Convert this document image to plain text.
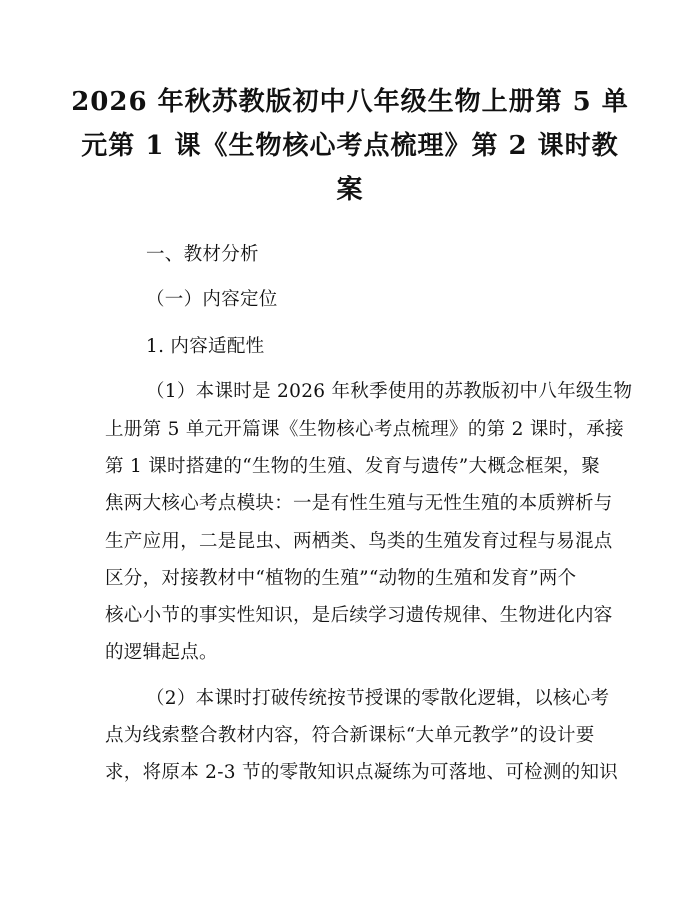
2026 年秋苏教版初中八年级生物上册第 5 单
元第 1 课《生物核心考点梳理》第 2 课时教
案
一、教材分析
（一）内容定位
1. 内容适配性
（1）本课时是 2026 年秋季使用的苏教版初中八年级生物
上册第 5 单元开篇课《生物核心考点梳理》的第 2 课时，承接
第 1 课时搭建的“生物的生殖、发育与遗传”大概念框架，聚
焦两大核心考点模块：一是有性生殖与无性生殖的本质辨析与
生产应用，二是昆虫、两栖类、鸟类的生殖发育过程与易混点
区分，对接教材中“植物的生殖”“动物的生殖和发育”两个
核心小节的事实性知识，是后续学习遗传规律、生物进化内容
的逻辑起点。
（2）本课时打破传统按节授课的零散化逻辑，以核心考
点为线索整合教材内容，符合新课标“大单元教学”的设计要
求，将原本 2-3 节的零散知识点凝练为可落地、可检测的知识
